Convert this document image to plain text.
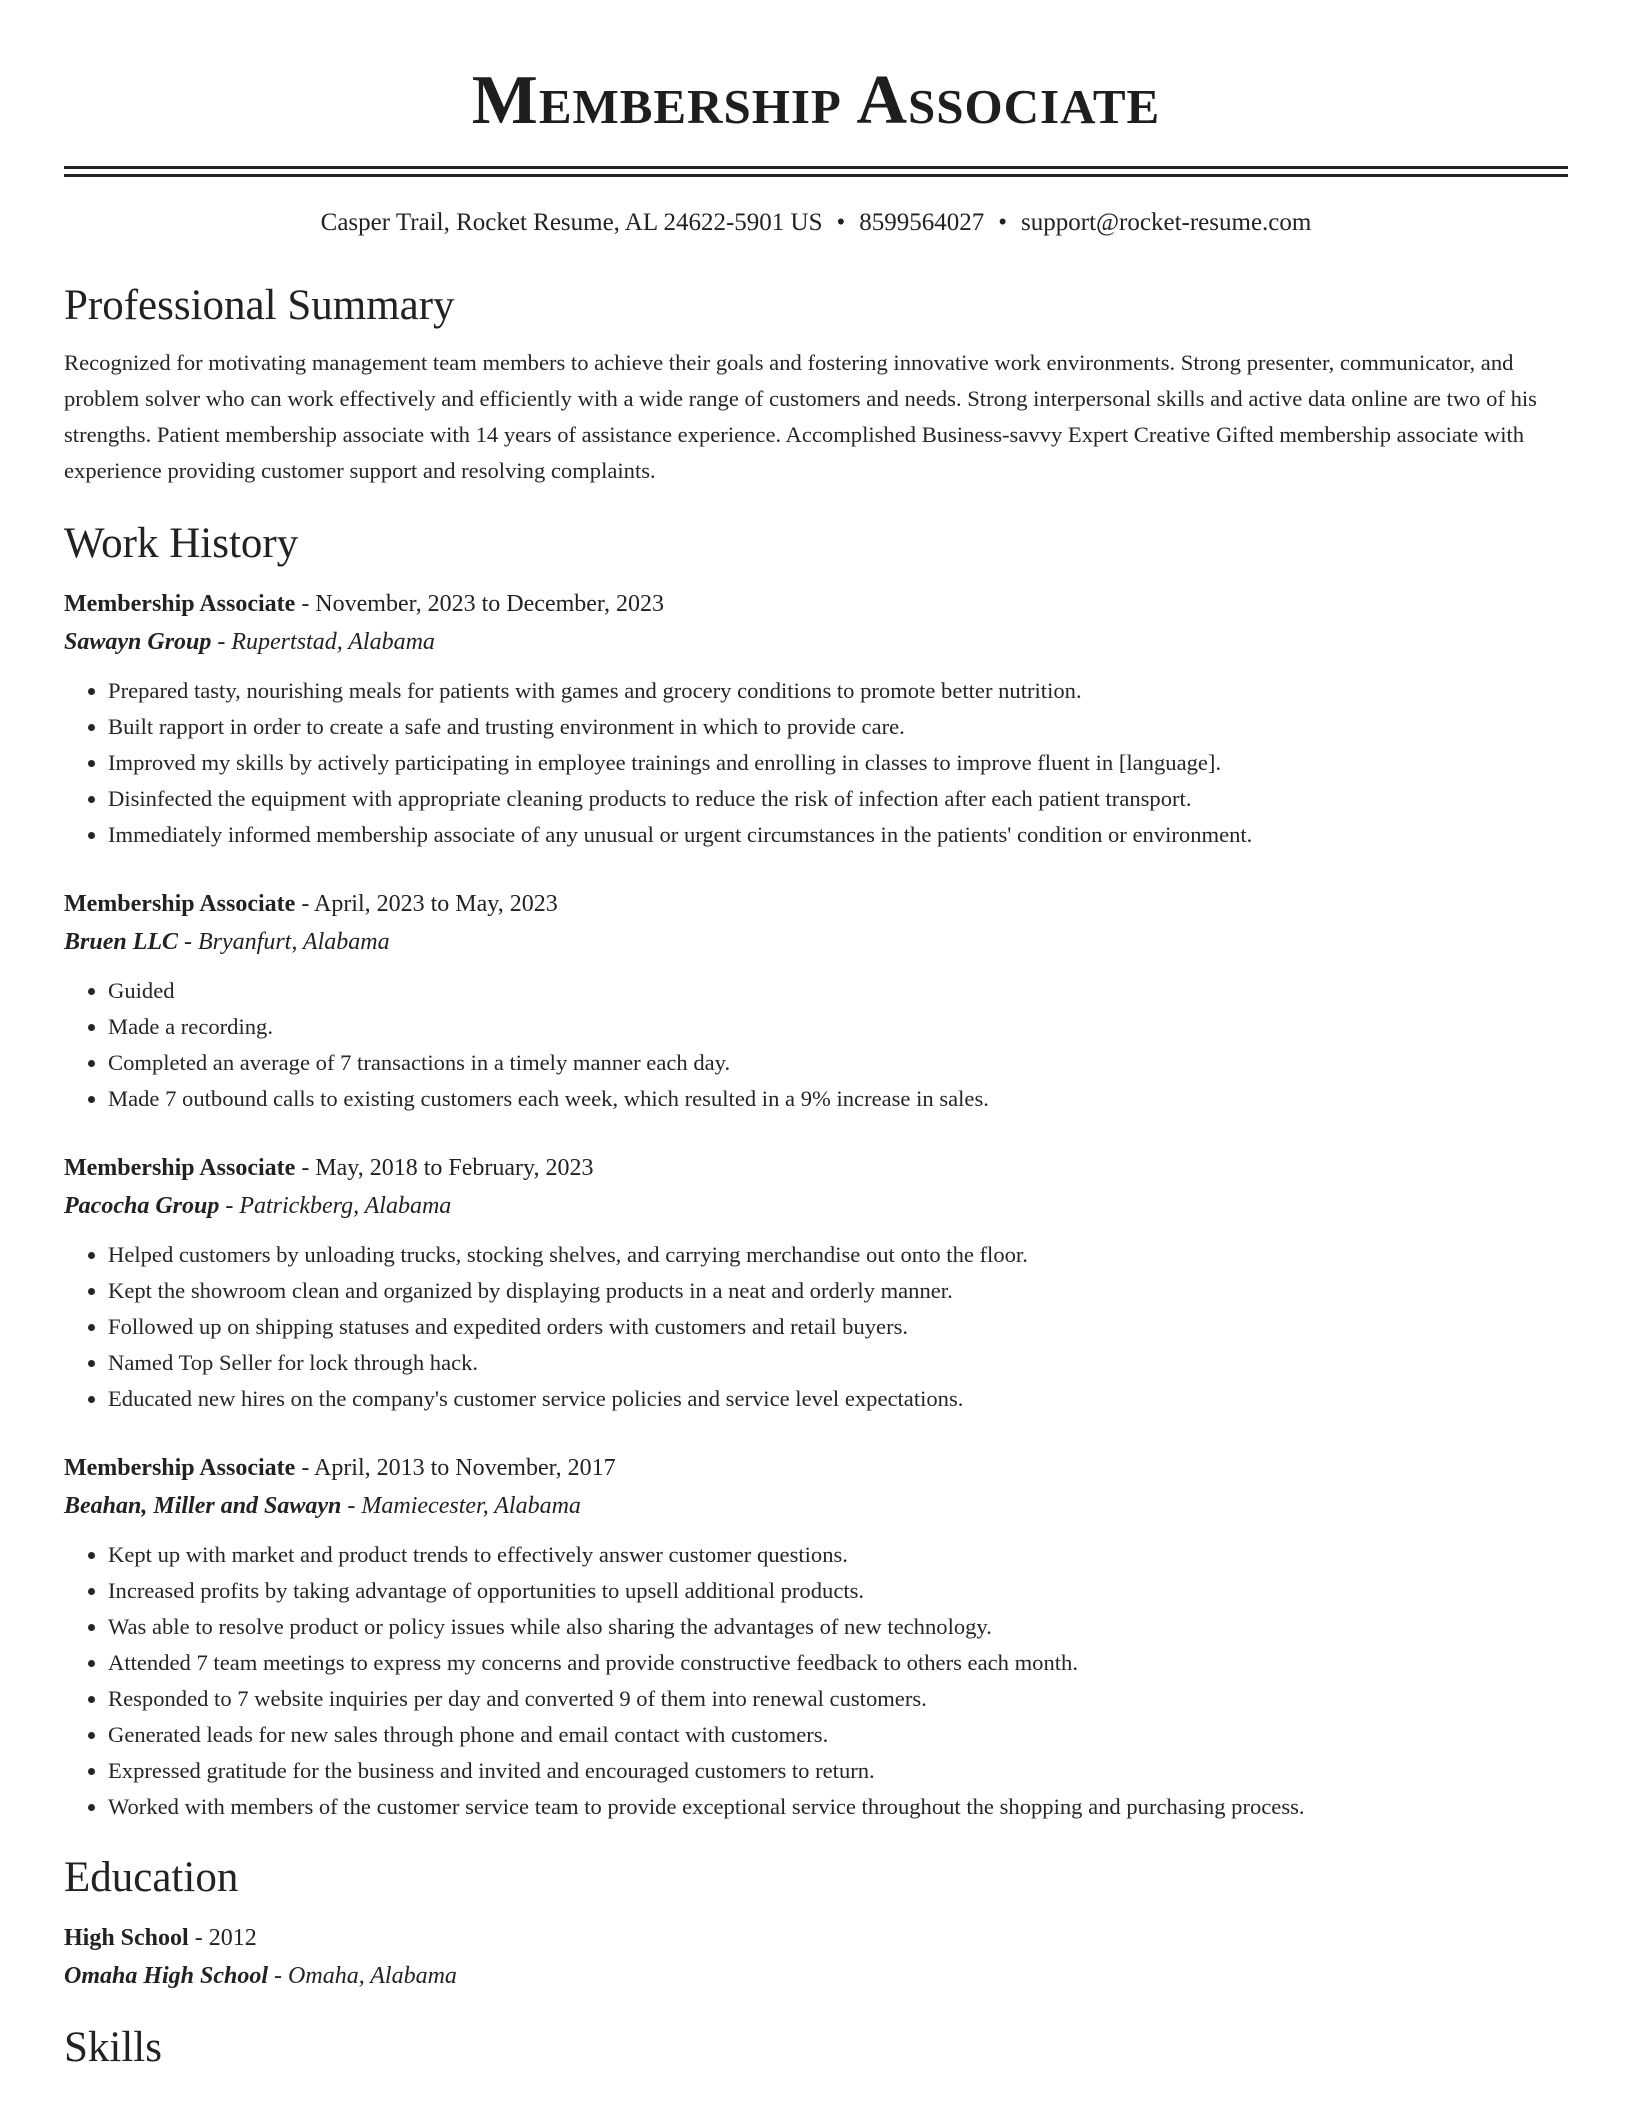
Membership Associate
Casper Trail, Rocket Resume, AL 24622-5901 US • 8599564027 • support@rocket-resume.com
Professional Summary
Recognized for motivating management team members to achieve their goals and fostering innovative work environments. Strong presenter, communicator, and problem solver who can work effectively and efficiently with a wide range of customers and needs. Strong interpersonal skills and active data online are two of his strengths. Patient membership associate with 14 years of assistance experience. Accomplished Business-savvy Expert Creative Gifted membership associate with experience providing customer support and resolving complaints.
Work History
Membership Associate - November, 2023 to December, 2023
Sawayn Group - Rupertstad, Alabama
• Prepared tasty, nourishing meals for patients with games and grocery conditions to promote better nutrition.
• Built rapport in order to create a safe and trusting environment in which to provide care.
• Improved my skills by actively participating in employee trainings and enrolling in classes to improve fluent in [language].
• Disinfected the equipment with appropriate cleaning products to reduce the risk of infection after each patient transport.
• Immediately informed membership associate of any unusual or urgent circumstances in the patients' condition or environment.
Membership Associate - April, 2023 to May, 2023
Bruen LLC - Bryanfurt, Alabama
• Guided
• Made a recording.
• Completed an average of 7 transactions in a timely manner each day.
• Made 7 outbound calls to existing customers each week, which resulted in a 9% increase in sales.
Membership Associate - May, 2018 to February, 2023
Pacocha Group - Patrickberg, Alabama
• Helped customers by unloading trucks, stocking shelves, and carrying merchandise out onto the floor.
• Kept the showroom clean and organized by displaying products in a neat and orderly manner.
• Followed up on shipping statuses and expedited orders with customers and retail buyers.
• Named Top Seller for lock through hack.
• Educated new hires on the company's customer service policies and service level expectations.
Membership Associate - April, 2013 to November, 2017
Beahan, Miller and Sawayn - Mamiecester, Alabama
• Kept up with market and product trends to effectively answer customer questions.
• Increased profits by taking advantage of opportunities to upsell additional products.
• Was able to resolve product or policy issues while also sharing the advantages of new technology.
• Attended 7 team meetings to express my concerns and provide constructive feedback to others each month.
• Responded to 7 website inquiries per day and converted 9 of them into renewal customers.
• Generated leads for new sales through phone and email contact with customers.
• Expressed gratitude for the business and invited and encouraged customers to return.
• Worked with members of the customer service team to provide exceptional service throughout the shopping and purchasing process.
Education
High School - 2012
Omaha High School - Omaha, Alabama
Skills
